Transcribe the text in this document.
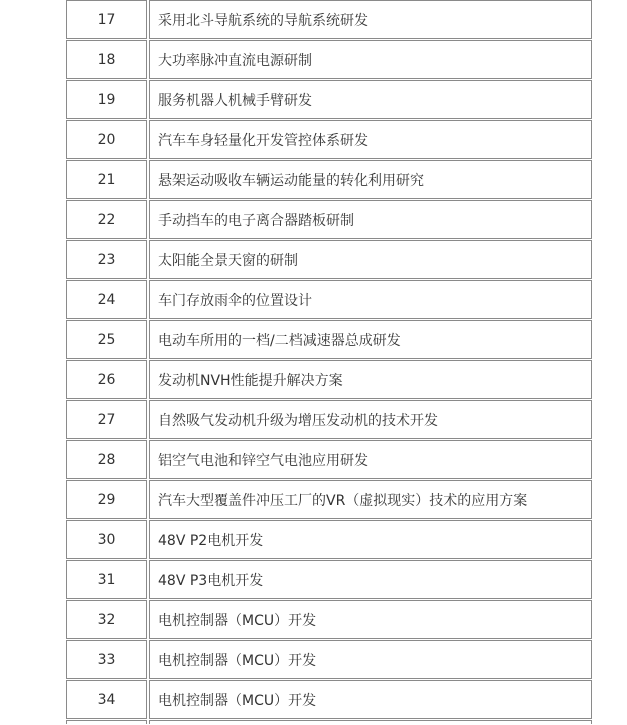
17	采用北斗导航系统的导航系统研发
18	大功率脉冲直流电源研制
19	服务机器人机械手臂研发
20	汽车车身轻量化开发管控体系研发
21	悬架运动吸收车辆运动能量的转化利用研究
22	手动挡车的电子离合器踏板研制
23	太阳能全景天窗的研制
24	车门存放雨伞的位置设计
25	电动车所用的一档/二档减速器总成研发
26	发动机NVH性能提升解决方案
27	自然吸气发动机升级为增压发动机的技术开发
28	铝空气电池和锌空气电池应用研发
29	汽车大型覆盖件冲压工厂的VR（虚拟现实）技术的应用方案
30	48V P2电机开发
31	48V P3电机开发
32	电机控制器（MCU）开发
33	电机控制器（MCU）开发
34	电机控制器（MCU）开发
